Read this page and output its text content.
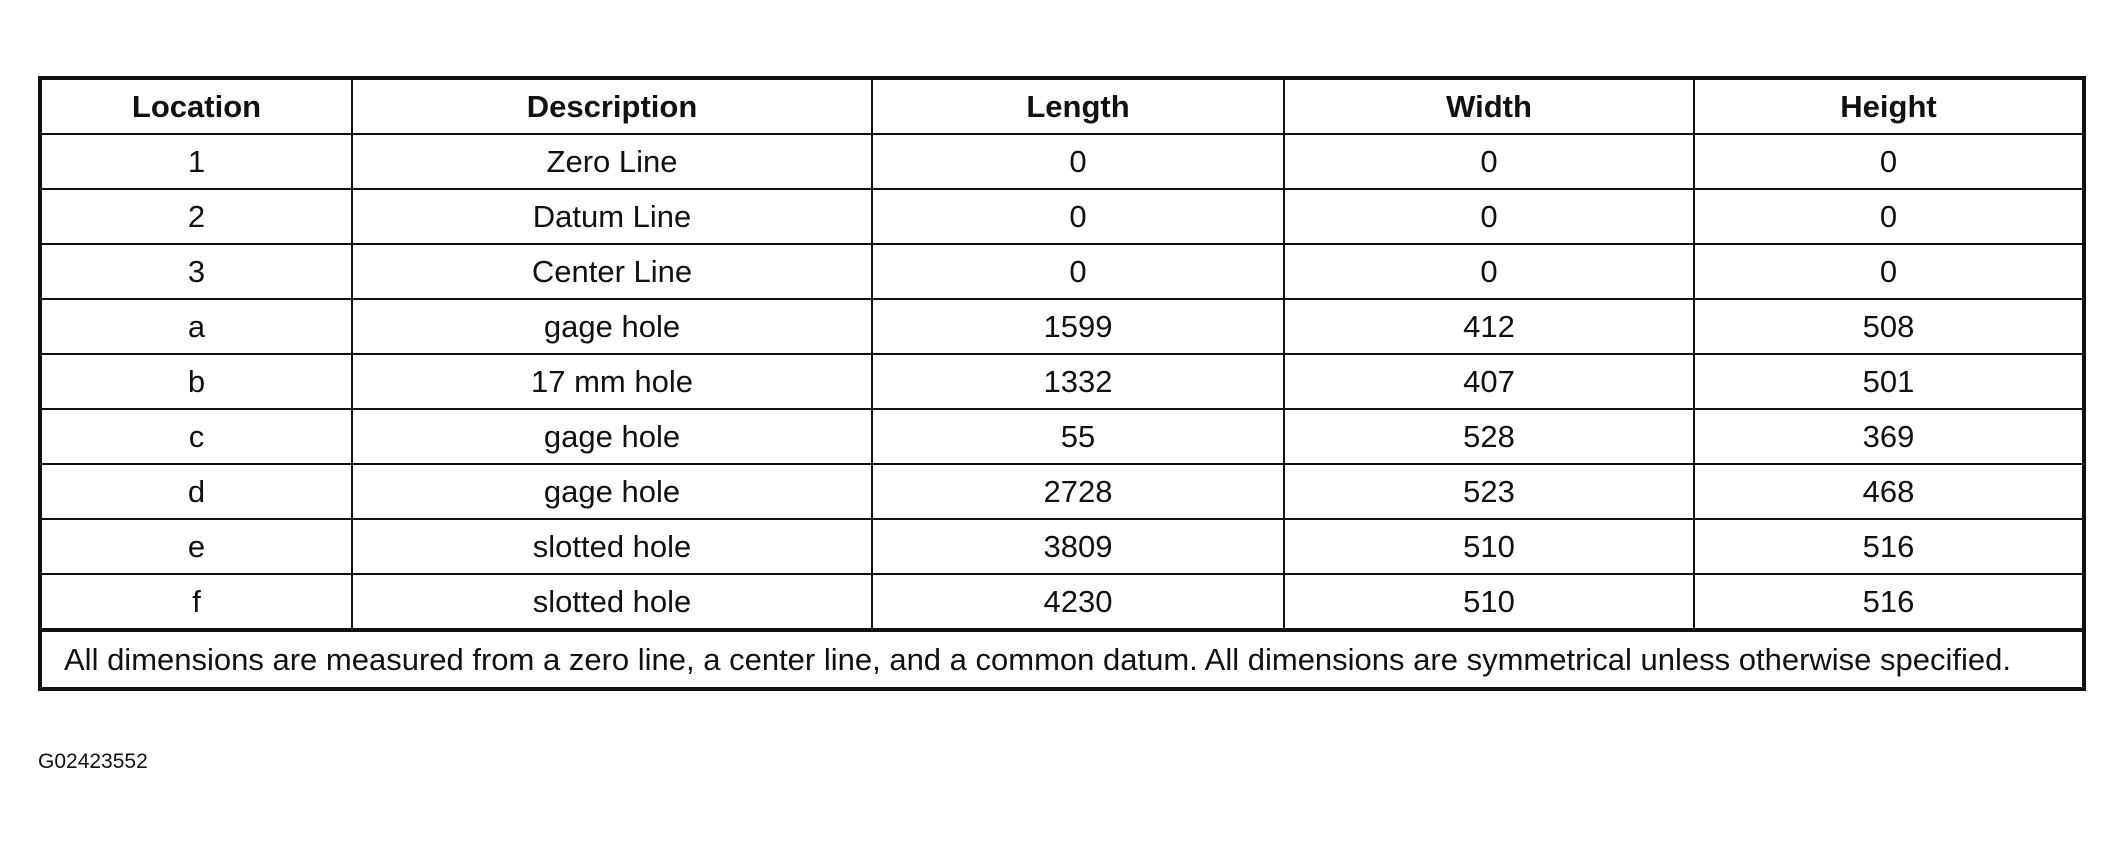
Location	Description	Length	Width	Height
1	Zero Line	0	0	0
2	Datum Line	0	0	0
3	Center Line	0	0	0
a	gage hole	1599	412	508
b	17 mm hole	1332	407	501
c	gage hole	55	528	369
d	gage hole	2728	523	468
e	slotted hole	3809	510	516
f	slotted hole	4230	510	516
All dimensions are measured from a zero line, a center line, and a common datum. All dimensions are symmetrical unless otherwise specified.
G02423552
